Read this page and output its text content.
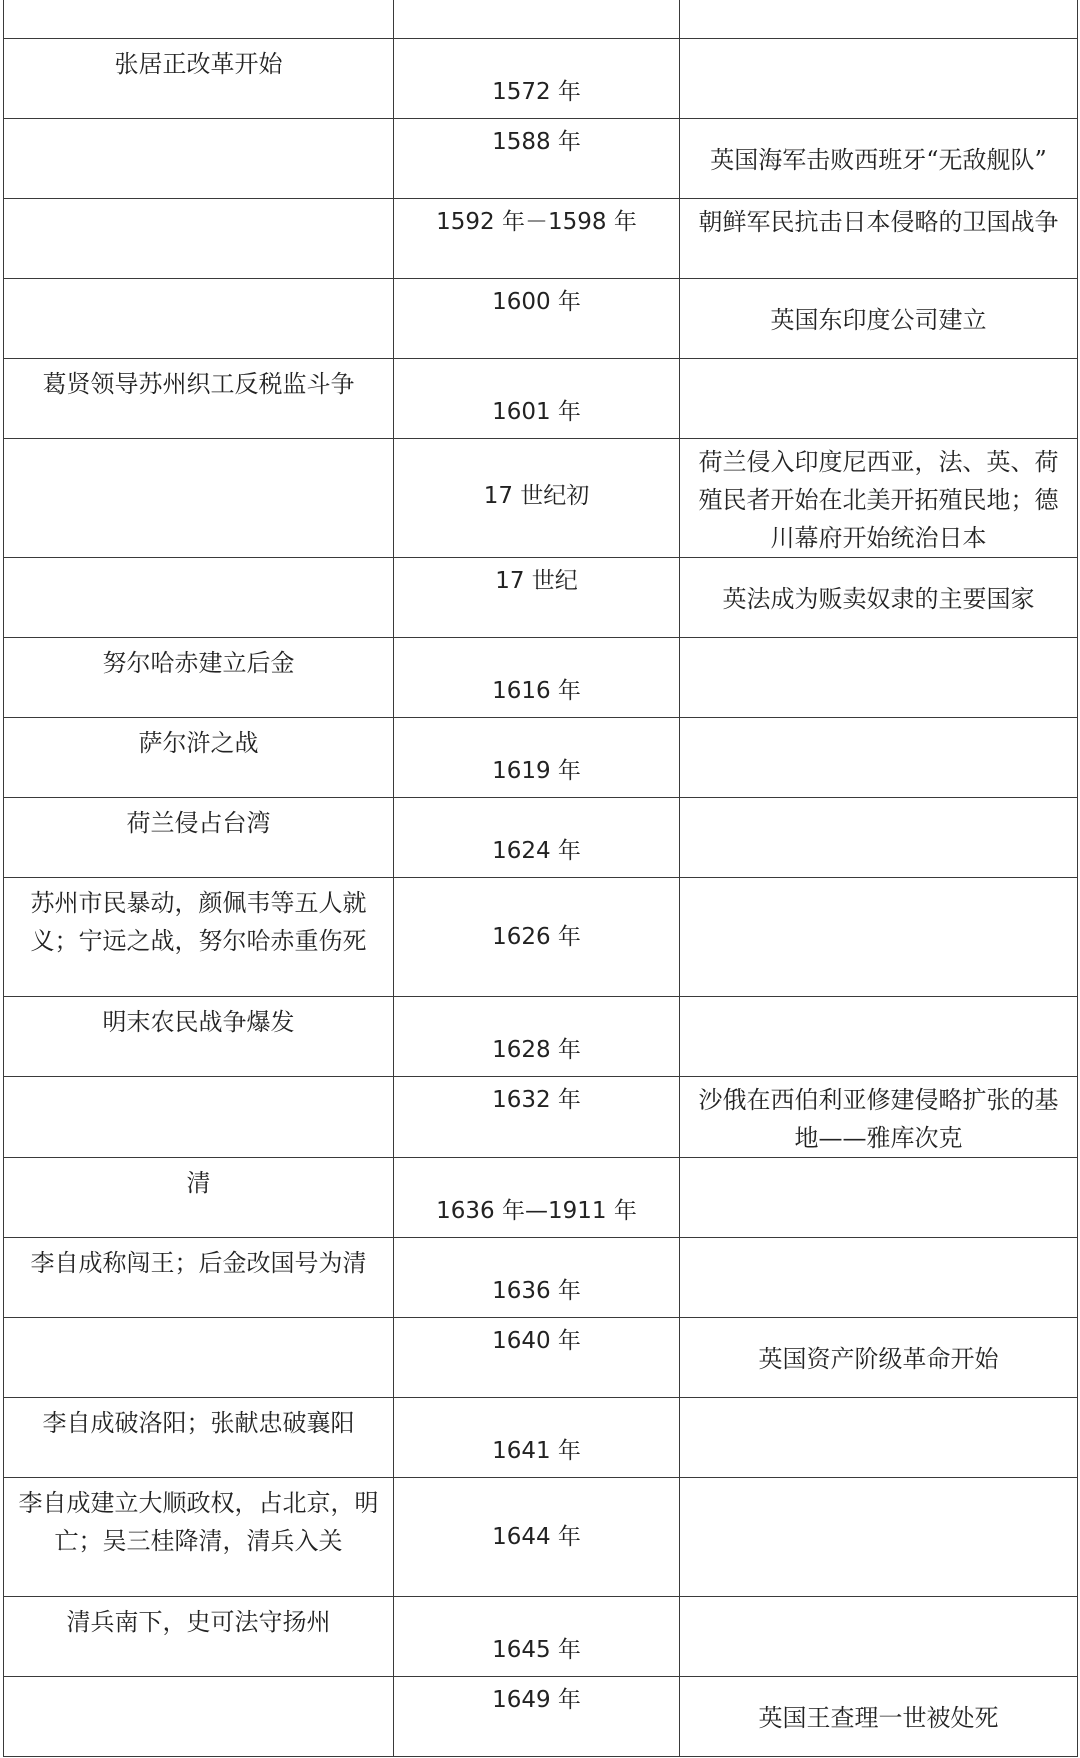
张居正改革开始	1572 年	

	1588 年	英国海军击败西班牙“无敌舰队”

	1592 年－1598 年	朝鲜军民抗击日本侵略的卫国战争

	1600 年	英国东印度公司建立

葛贤领导苏州织工反税监斗争	1601 年	

	17 世纪初	荷兰侵入印度尼西亚，法、英、荷殖民者开始在北美开拓殖民地；德川幕府开始统治日本

	17 世纪	英法成为贩卖奴隶的主要国家

努尔哈赤建立后金	1616 年	

萨尔浒之战	1619 年	

荷兰侵占台湾	1624 年	

苏州市民暴动，颜佩韦等五人就义；宁远之战，努尔哈赤重伤死	1626 年	

明末农民战争爆发	1628 年	

	1632 年	沙俄在西伯利亚修建侵略扩张的基地——雅库次克

清	1636 年—1911 年	

李自成称闯王；后金改国号为清	1636 年	

	1640 年	英国资产阶级革命开始

李自成破洛阳；张献忠破襄阳	1641 年	

李自成建立大顺政权，占北京，明亡；吴三桂降清，清兵入关	1644 年	

清兵南下，史可法守扬州	1645 年	

	1649 年	英国王查理一世被处死
